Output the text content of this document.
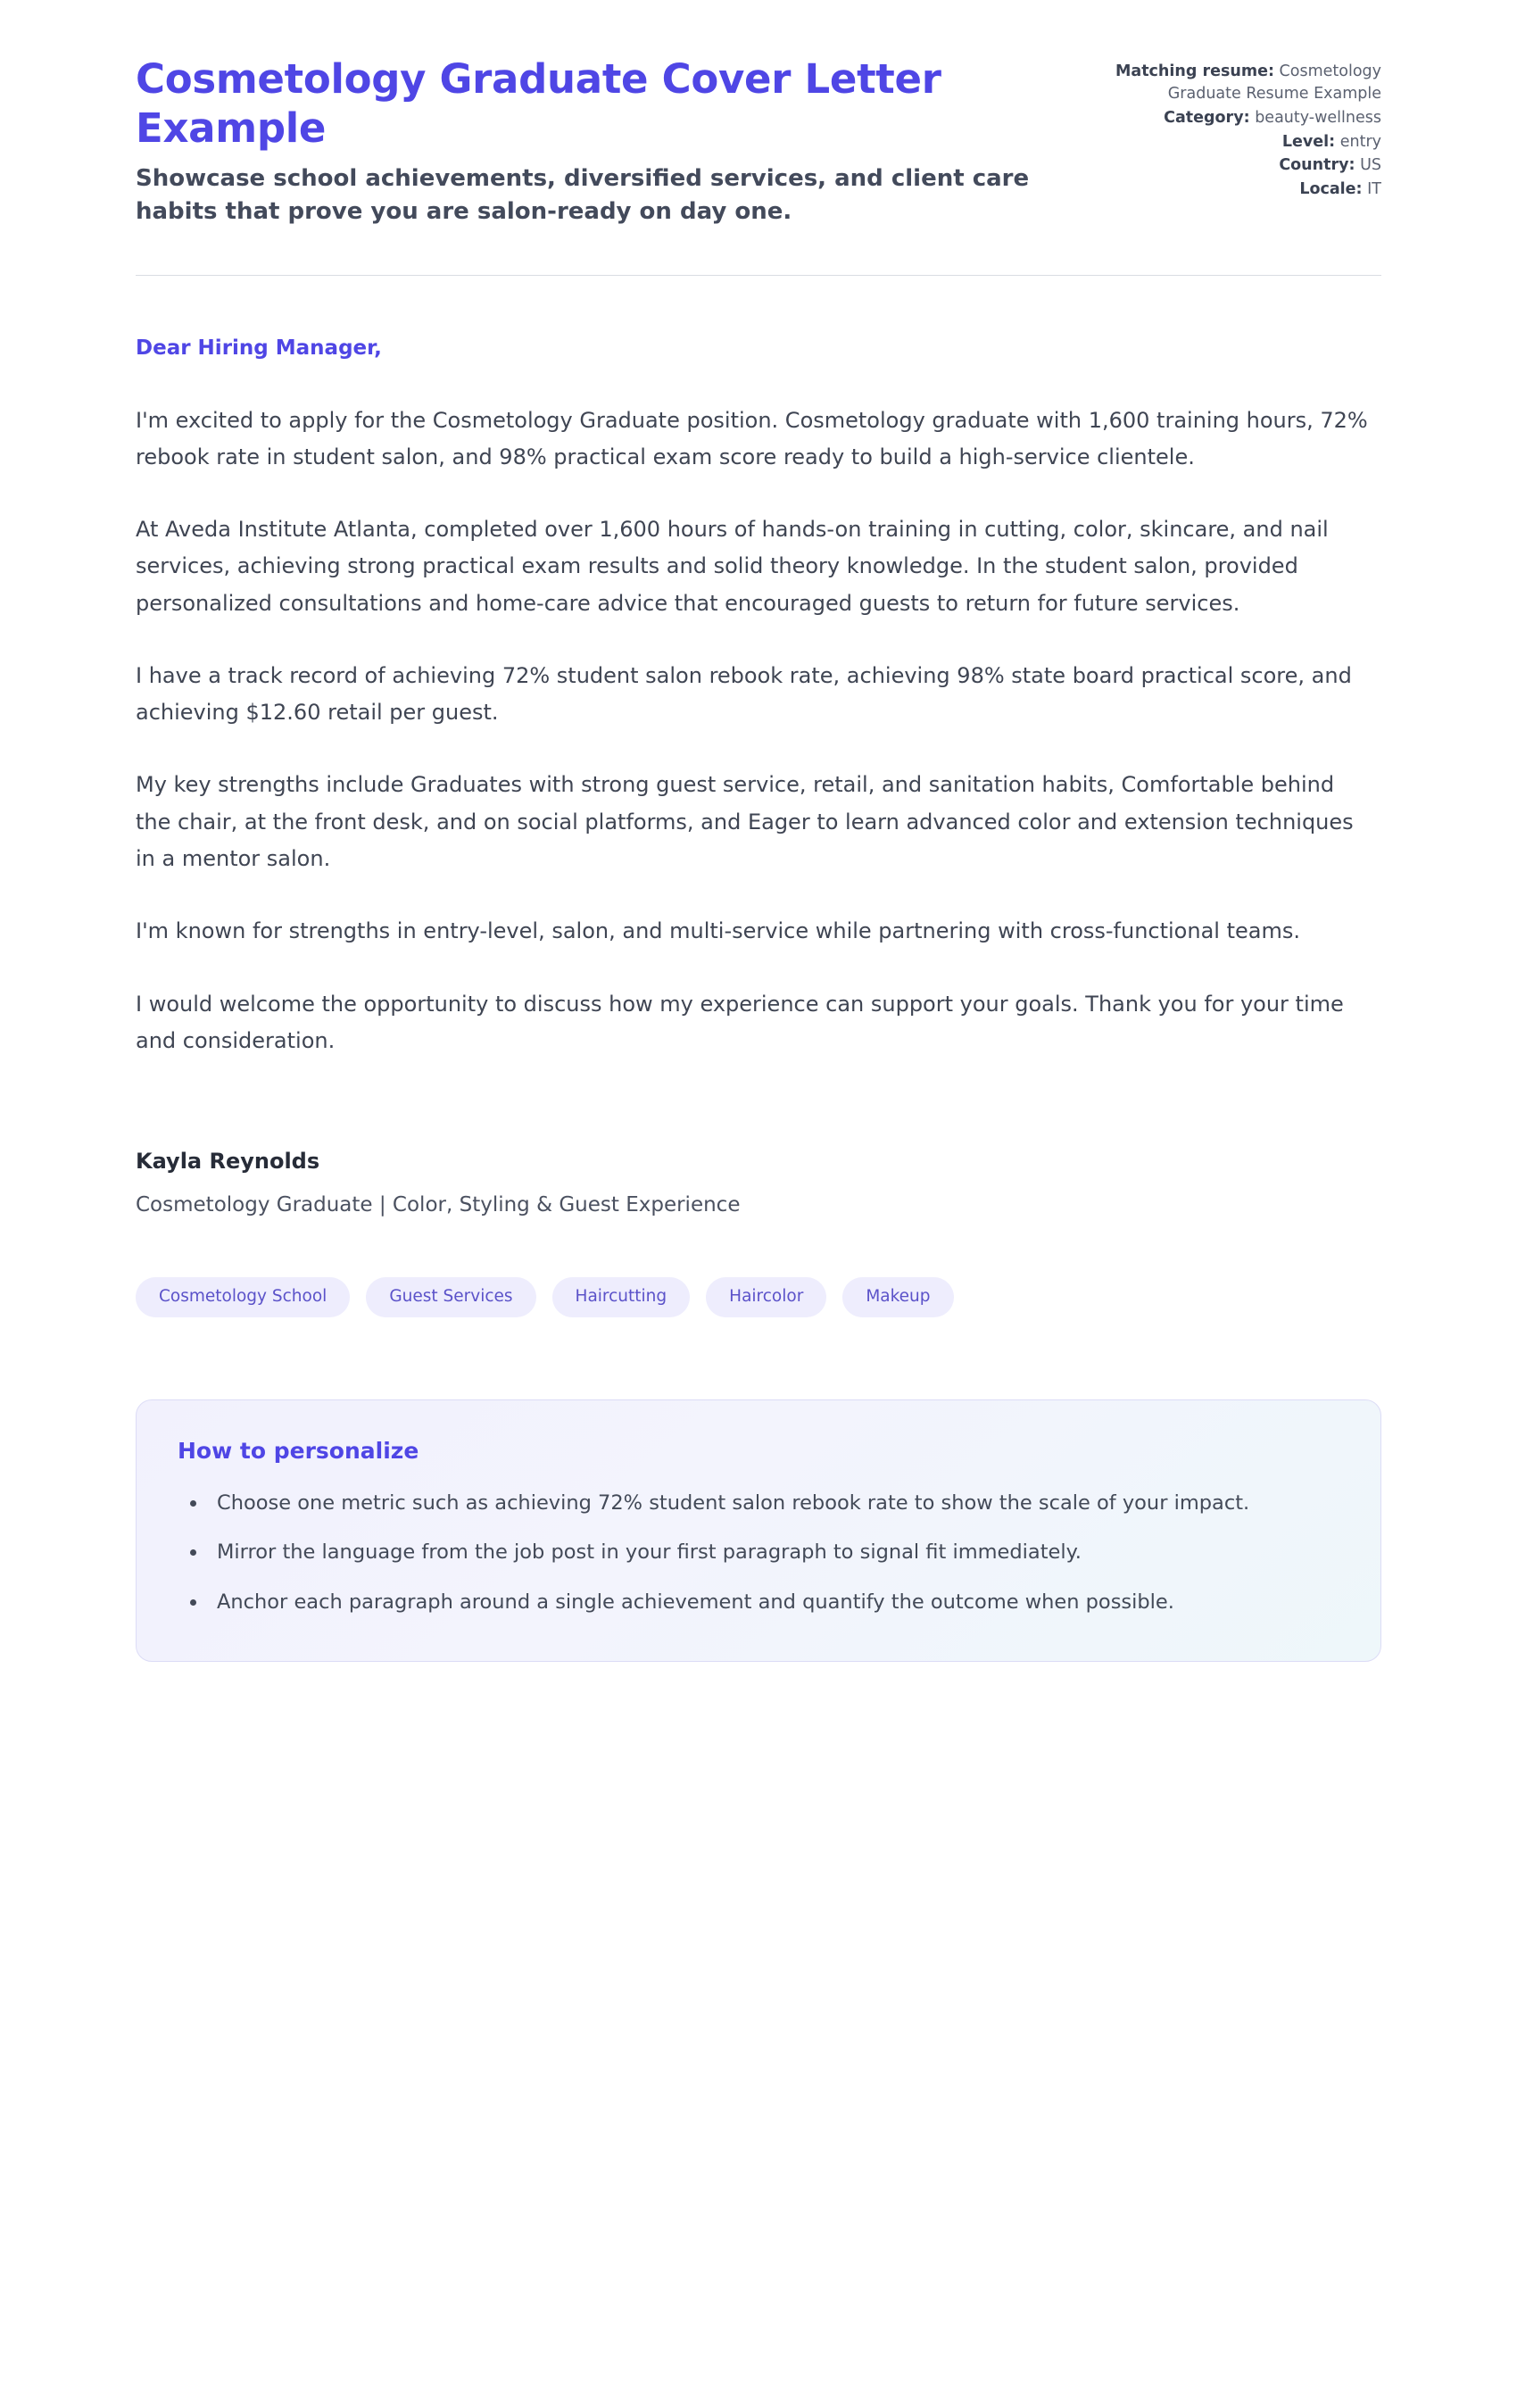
Cosmetology Graduate Cover Letter Example

Showcase school achievements, diversified services, and client care habits that prove you are salon-ready on day one.

Matching resume: Cosmetology Graduate Resume Example
Category: beauty-wellness
Level: entry
Country: US
Locale: IT

Dear Hiring Manager,

I'm excited to apply for the Cosmetology Graduate position. Cosmetology graduate with 1,600 training hours, 72% rebook rate in student salon, and 98% practical exam score ready to build a high-service clientele.

At Aveda Institute Atlanta, completed over 1,600 hours of hands-on training in cutting, color, skincare, and nail services, achieving strong practical exam results and solid theory knowledge. In the student salon, provided personalized consultations and home-care advice that encouraged guests to return for future services.

I have a track record of achieving 72% student salon rebook rate, achieving 98% state board practical score, and achieving $12.60 retail per guest.

My key strengths include Graduates with strong guest service, retail, and sanitation habits, Comfortable behind the chair, at the front desk, and on social platforms, and Eager to learn advanced color and extension techniques in a mentor salon.

I'm known for strengths in entry-level, salon, and multi-service while partnering with cross-functional teams.

I would welcome the opportunity to discuss how my experience can support your goals. Thank you for your time and consideration.

Kayla Reynolds

Cosmetology Graduate | Color, Styling & Guest Experience

Cosmetology School	Guest Services	Haircutting	Haircolor	Makeup
How to personalize
• Choose one metric such as achieving 72% student salon rebook rate to show the scale of your impact.
• Mirror the language from the job post in your first paragraph to signal fit immediately.
• Anchor each paragraph around a single achievement and quantify the outcome when possible.
